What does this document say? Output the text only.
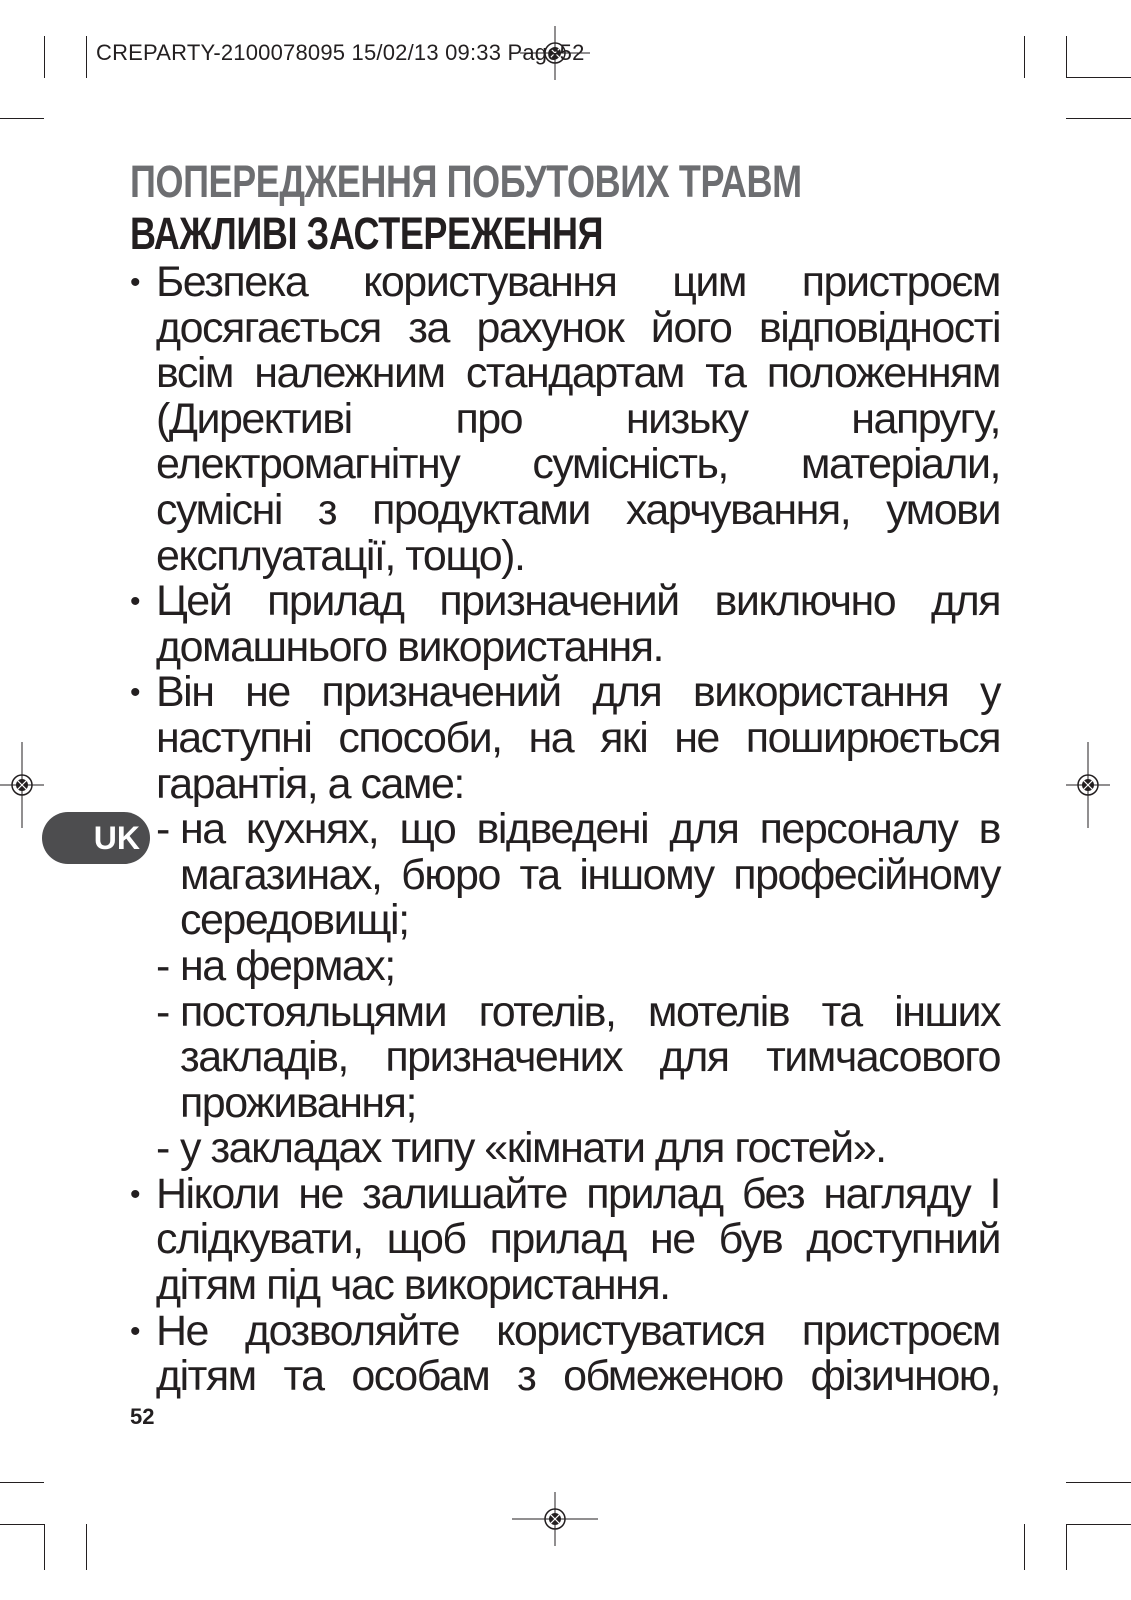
CREPARTY-2100078095 15/02/13 09:33 Page52
UK
ПОПЕРЕДЖЕННЯ ПОБУТОВИХ ТРАВМ
ВАЖЛИВІ ЗАСТЕРЕЖЕННЯ
• Безпека користування цим пристроєм досягається за рахунок його відповідності всім належним стандартам та положенням (Директиві про низьку напругу, електромагнітну сумісність, матеріали, сумісні з продуктами харчування, умови експлуатації, тощо).
• Цей прилад призначений виключно для домашнього використання.
• Він не призначений для використання у наступні способи, на які не поширюється гарантія, а саме:
- на кухнях, що відведені для персоналу в магазинах, бюро та іншому професійному середовищі;
- на фермах;
- постояльцями готелів, мотелів та інших закладів, призначених для тимчасового проживання;
- у закладах типу «кімнати для гостей».
• Ніколи не залишайте прилад без нагляду І слідкувати, щоб прилад не був доступний дітям під час використання.
• Не дозволяйте користуватися пристроєм дітям та особам з обмеженою фізичною,
52
